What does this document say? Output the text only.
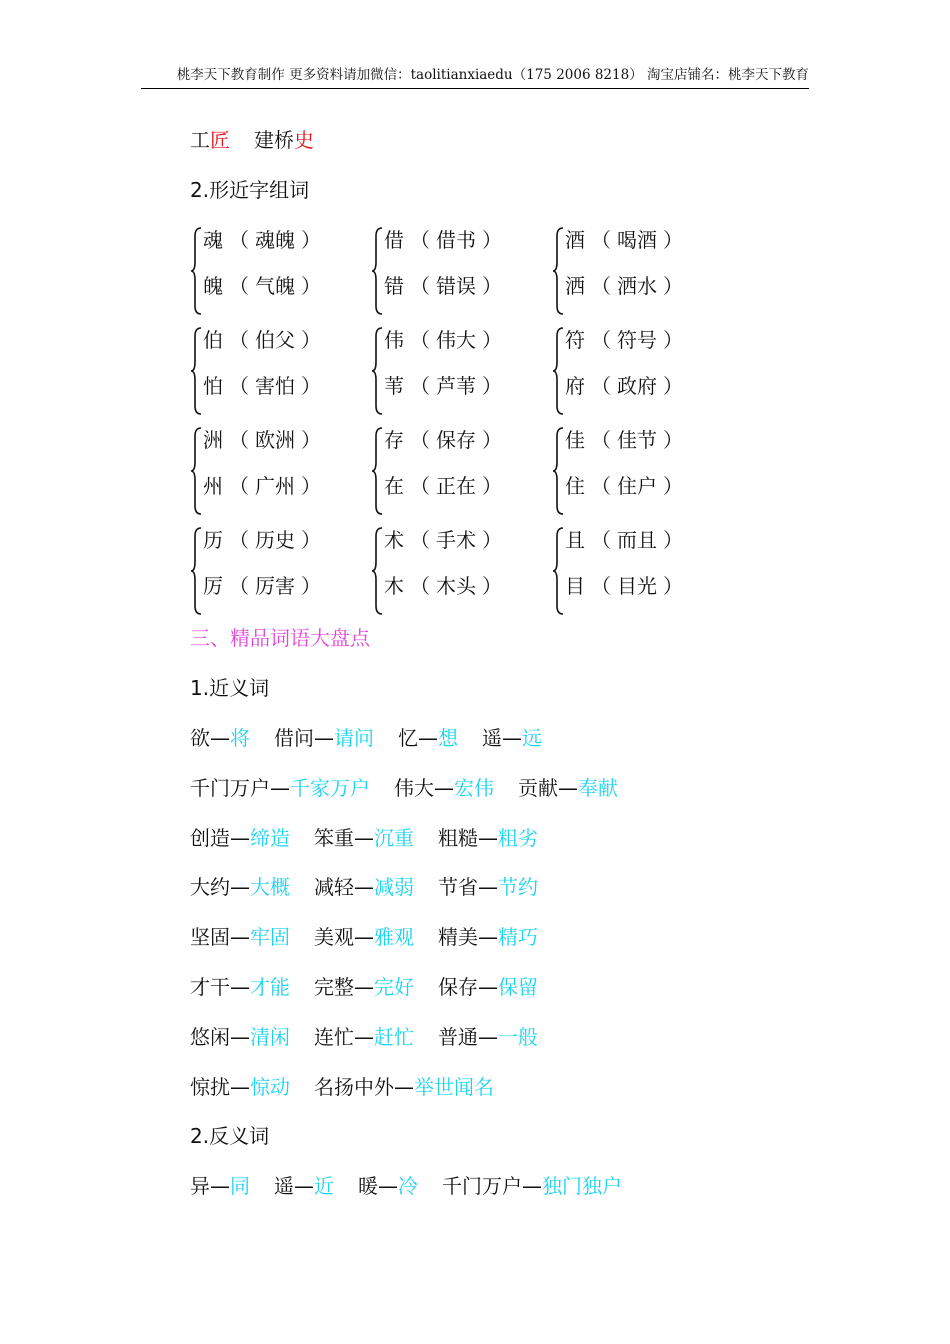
桃李天下教育制作 更多资料请加微信：taolitianxiaedu（175 2006 8218） 淘宝店铺名：桃李天下教育
工匠 建桥史
2.形近字组词
魂 （ 魂魄 ）
魄 （ 气魄 ）
借 （ 借书 ）
错 （ 错误 ）
酒 （ 喝酒 ）
洒 （ 洒水 ）
伯 （ 伯父 ）
怕 （ 害怕 ）
伟 （ 伟大 ）
苇 （ 芦苇 ）
符 （ 符号 ）
府 （ 政府 ）
洲 （ 欧洲 ）
州 （ 广州 ）
存 （ 保存 ）
在 （ 正在 ）
佳 （ 佳节 ）
住 （ 住户 ）
历 （ 历史 ）
厉 （ 厉害 ）
术 （ 手术 ）
木 （ 木头 ）
且 （ 而且 ）
目 （ 目光 ）
三、精品词语大盘点
1.近义词
欲—将 借问—请问 忆—想 遥—远
千门万户—千家万户 伟大—宏伟 贡献—奉献
创造—缔造 笨重—沉重 粗糙—粗劣
大约—大概 减轻—减弱 节省—节约
坚固—牢固 美观—雅观 精美—精巧
才干—才能 完整—完好 保存—保留
悠闲—清闲 连忙—赶忙 普通—一般
惊扰—惊动 名扬中外—举世闻名
2.反义词
异—同 遥—近 暖—冷 千门万户—独门独户
